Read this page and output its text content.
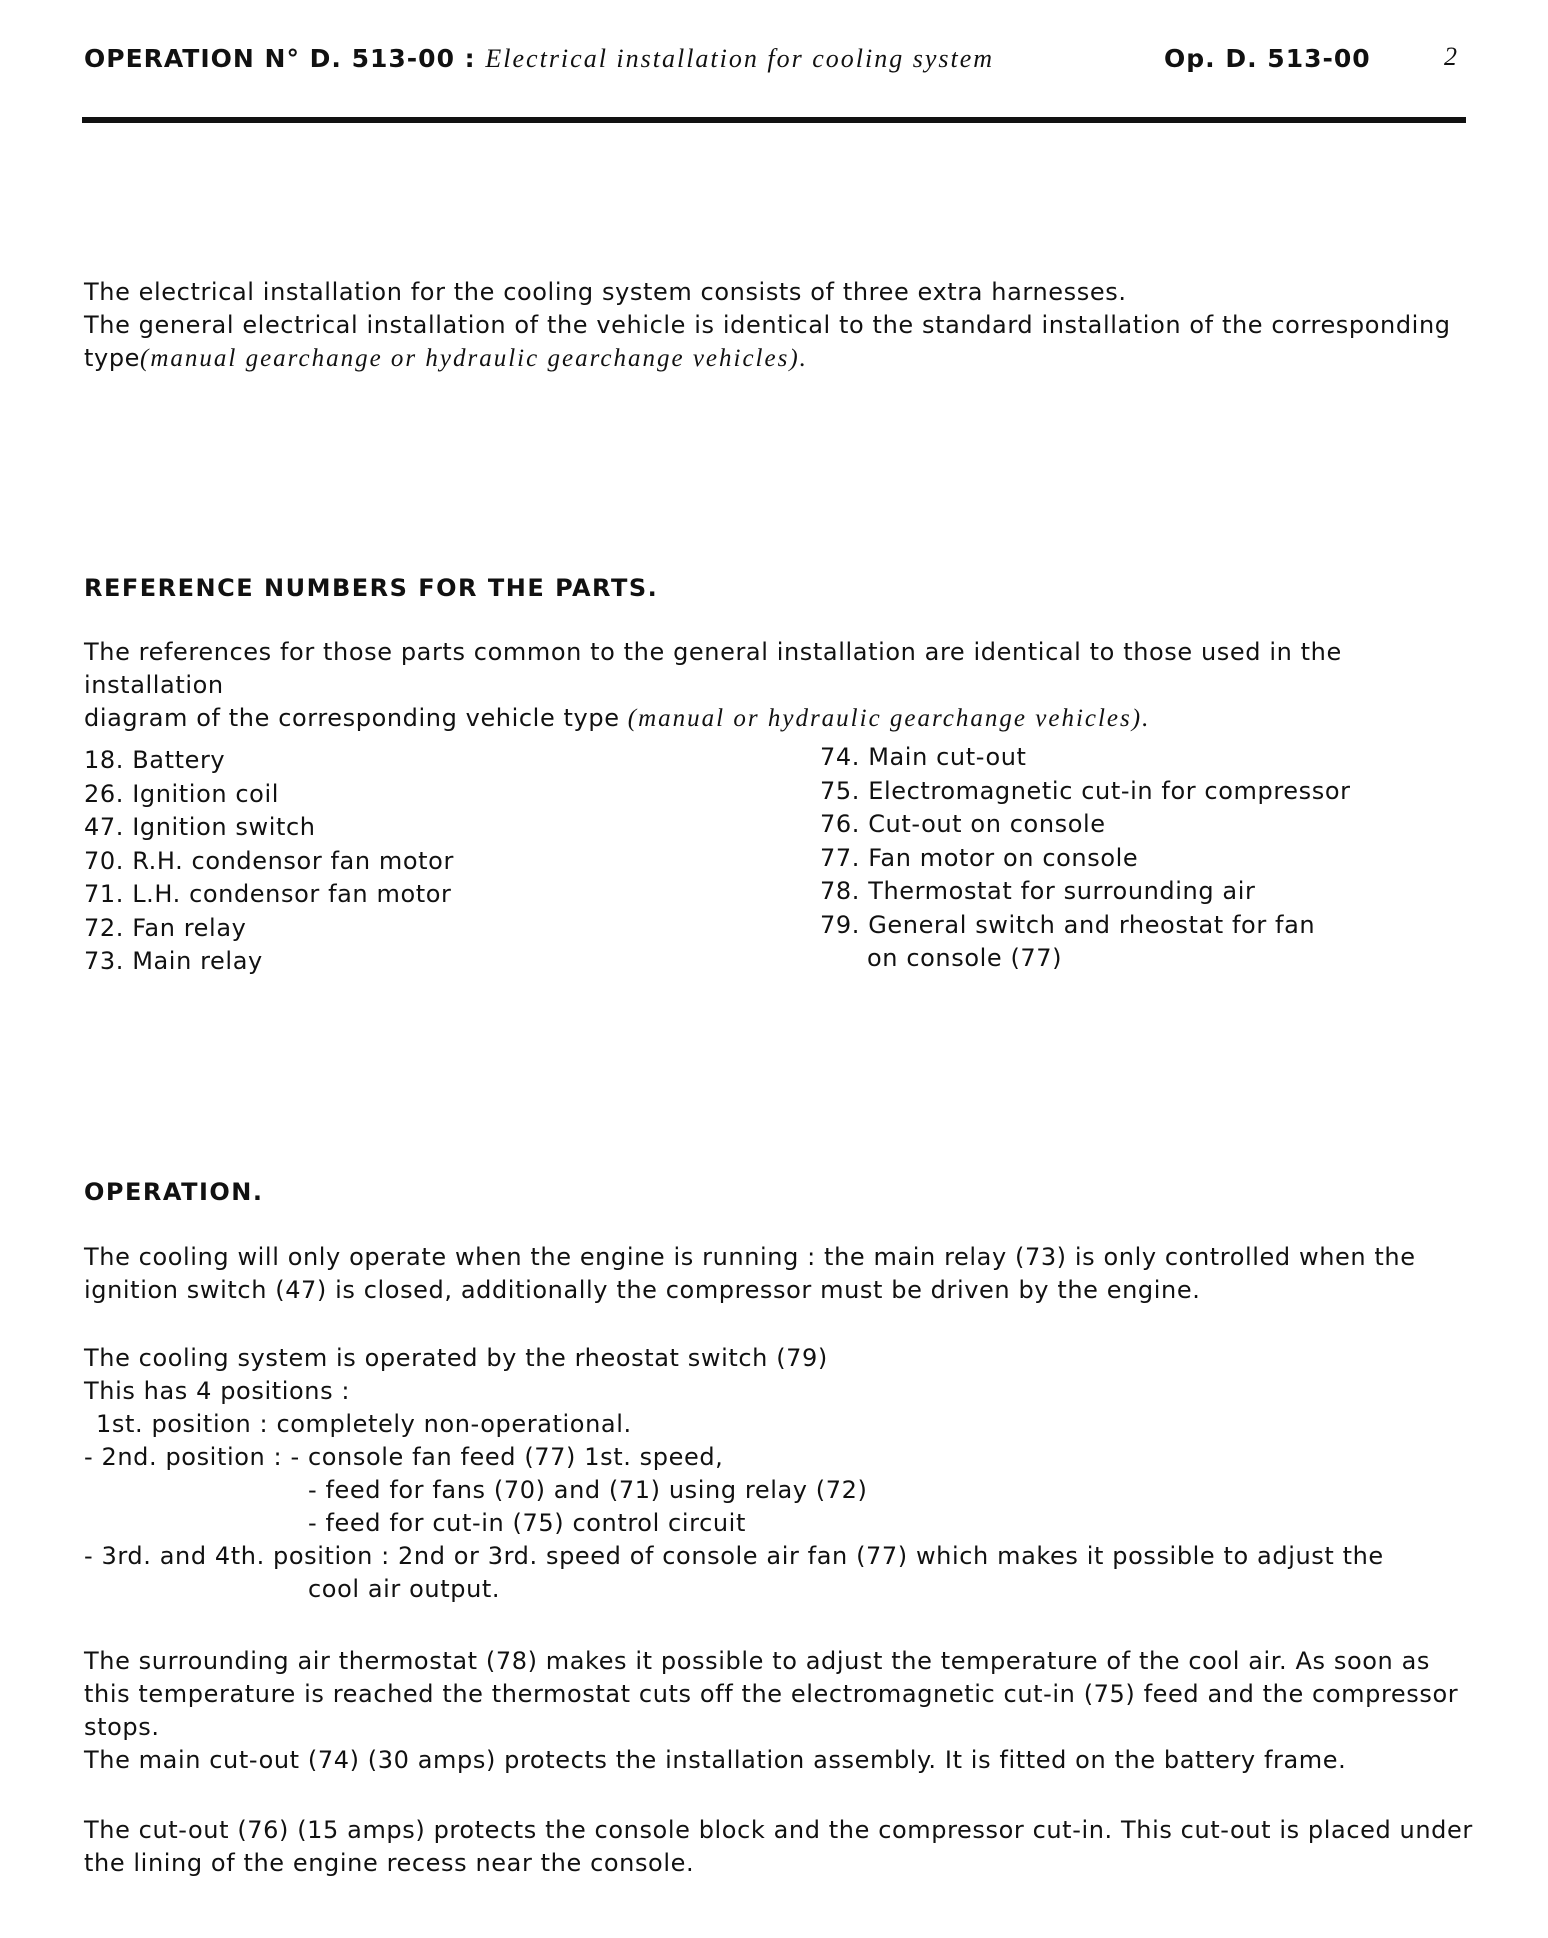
OPERATION N° D. 513-00 : Electrical installation for cooling system	Op. D. 513-00	2

The electrical installation for the cooling system consists of three extra harnesses.

The general electrical installation of the vehicle is identical to the standard installation of the corresponding

type(manual gearchange or hydraulic gearchange vehicles).

REFERENCE NUMBERS FOR THE PARTS.

The references for those parts common to the general installation are identical to those used in the installation

diagram of the corresponding vehicle type (manual or hydraulic gearchange vehicles).

18. Battery
26. Ignition coil
47. Ignition switch
70. R.H. condensor fan motor
71. L.H. condensor fan motor
72. Fan relay
73. Main relay
74. Main cut-out
75. Electromagnetic cut-in for compressor
76. Cut-out on console
77. Fan motor on console
78. Thermostat for surrounding air
79. General switch and rheostat for fan
on console (77)
OPERATION.
The cooling will only operate when the engine is running : the main relay (73) is only controlled when the
ignition switch (47) is closed, additionally the compressor must be driven by the engine.
The cooling system is operated by the rheostat switch (79)
This has 4 positions :
1st. position : completely non-operational.
- 2nd. position : - console fan feed (77) 1st. speed,
- feed for fans (70) and (71) using relay (72)
- feed for cut-in (75) control circuit
- 3rd. and 4th. position : 2nd or 3rd. speed of console air fan (77) which makes it possible to adjust the
cool air output.
The surrounding air thermostat (78) makes it possible to adjust the temperature of the cool air. As soon as
this temperature is reached the thermostat cuts off the electromagnetic cut-in (75) feed and the compressor
stops.
The main cut-out (74) (30 amps) protects the installation assembly. It is fitted on the battery frame.
The cut-out (76) (15 amps) protects the console block and the compressor cut-in. This cut-out is placed under
the lining of the engine recess near the console.
